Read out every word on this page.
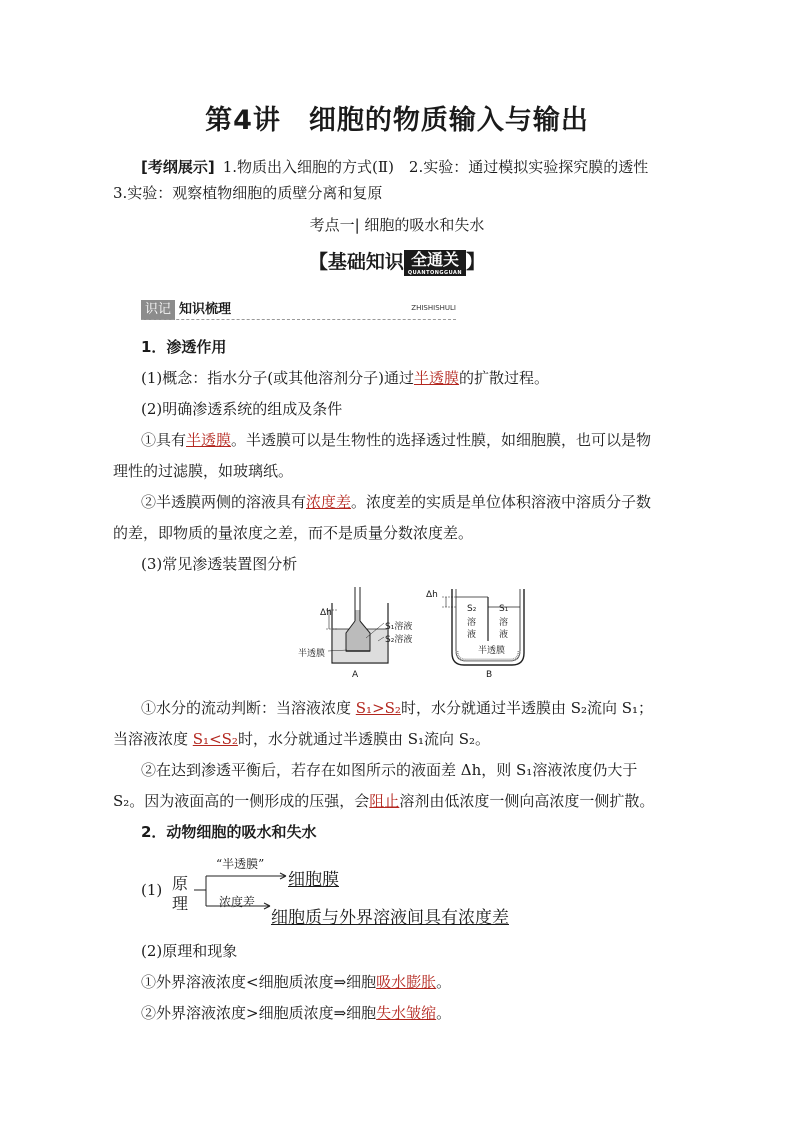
第4讲　细胞的物质输入与输出
[考纲展示] 1.物质出入细胞的方式(Ⅱ)　2.实验：通过模拟实验探究膜的透性
3.实验：观察植物细胞的质壁分离和复原
考点一| 细胞的吸水和失水
【基础知识 全通关
QUANTONGGUAN 】
识记 知识梳理	ZHISHISHULI
1．渗透作用
(1)概念：指水分子(或其他溶剂分子)通过半透膜的扩散过程。
(2)明确渗透系统的组成及条件
①具有半透膜。半透膜可以是生物性的选择透过性膜，如细胞膜，也可以是物
理性的过滤膜，如玻璃纸。
②半透膜两侧的溶液具有浓度差。浓度差的实质是单位体积溶液中溶质分子数
的差，即物质的量浓度之差，而不是质量分数浓度差。
(3)常见渗透装置图分析
Δh
S₁溶液
S₂溶液
半透膜
A
Δh
S₂	S₁
溶液
溶液
半透膜
B
①水分的流动判断：当溶液浓度 S₁>S₂时，水分就通过半透膜由 S₂流向 S₁；
当溶液浓度 S₁<S₂时，水分就通过半透膜由 S₁流向 S₂。
②在达到渗透平衡后，若存在如图所示的液面差 Δh，则 S₁溶液浓度仍大于
S₂。因为液面高的一侧形成的压强，会阻止溶剂由低浓度一侧向高浓度一侧扩散。
2．动物细胞的吸水和失水
(1) 原
理
“半透膜”
细胞膜
浓度差
细胞质与外界溶液间具有浓度差
(2)原理和现象
①外界溶液浓度<细胞质浓度⇒细胞吸水膨胀。
②外界溶液浓度>细胞质浓度⇒细胞失水皱缩。
